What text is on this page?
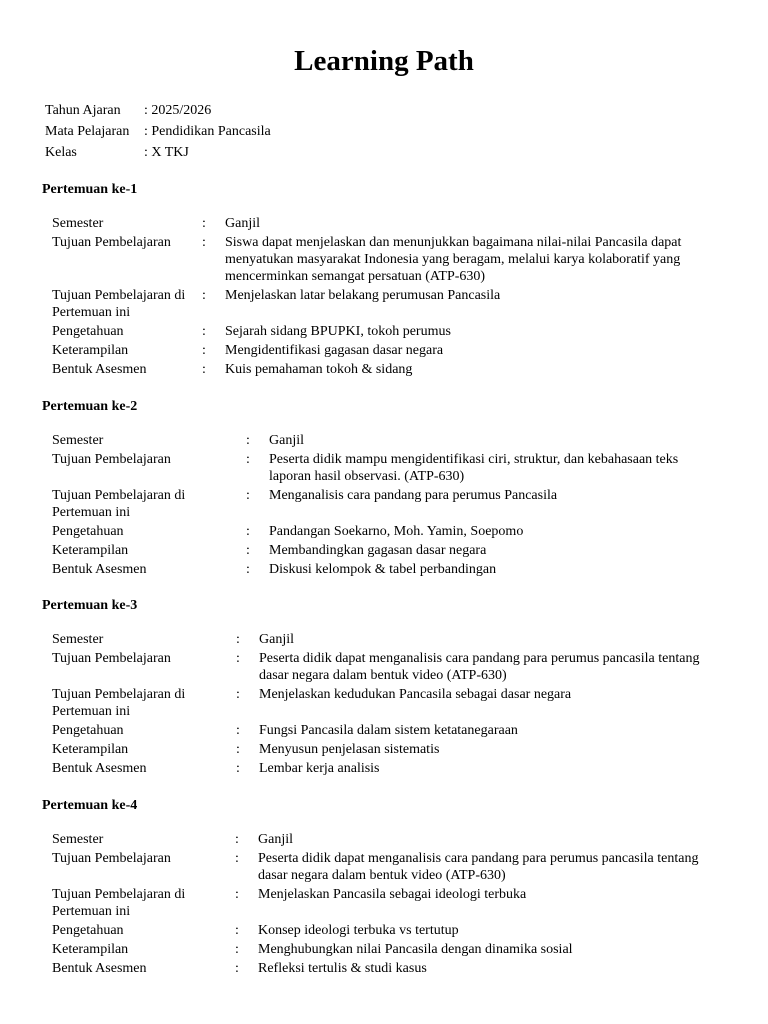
Learning Path
Tahun Ajaran	: 2025/2026
Mata Pelajaran	: Pendidikan Pancasila
Kelas	: X TKJ
Pertemuan ke-1
Semester	:	Ganjil
Tujuan Pembelajaran	:	Siswa dapat menjelaskan dan menunjukkan bagaimana nilai-nilai Pancasila dapat menyatukan masyarakat Indonesia yang beragam, melalui karya kolaboratif yang mencerminkan semangat persatuan (ATP-630)
Tujuan Pembelajaran di Pertemuan ini
:	Menjelaskan latar belakang perumusan Pancasila
Pengetahuan	:	Sejarah sidang BPUPKI, tokoh perumus
Keterampilan	:	Mengidentifikasi gagasan dasar negara
Bentuk Asesmen	:	Kuis pemahaman tokoh & sidang
Pertemuan ke-2
Semester	:	Ganjil
Tujuan Pembelajaran	:	Peserta didik mampu mengidentifikasi ciri, struktur, dan kebahasaan teks laporan hasil observasi. (ATP-630)
Tujuan Pembelajaran di Pertemuan ini
:	Menganalisis cara pandang para perumus Pancasila
Pengetahuan	:	Pandangan Soekarno, Moh. Yamin, Soepomo
Keterampilan	:	Membandingkan gagasan dasar negara
Bentuk Asesmen	:	Diskusi kelompok & tabel perbandingan
Pertemuan ke-3
Semester	:	Ganjil
Tujuan Pembelajaran	:	Peserta didik dapat menganalisis cara pandang para perumus pancasila tentang dasar negara dalam bentuk video (ATP-630)
Tujuan Pembelajaran di Pertemuan ini
:	Menjelaskan kedudukan Pancasila sebagai dasar negara
Pengetahuan	:	Fungsi Pancasila dalam sistem ketatanegaraan
Keterampilan	:	Menyusun penjelasan sistematis
Bentuk Asesmen	:	Lembar kerja analisis
Pertemuan ke-4
Semester	:	Ganjil
Tujuan Pembelajaran	:	Peserta didik dapat menganalisis cara pandang para perumus pancasila tentang dasar negara dalam bentuk video (ATP-630)
Tujuan Pembelajaran di Pertemuan ini
:	Menjelaskan Pancasila sebagai ideologi terbuka
Pengetahuan	:	Konsep ideologi terbuka vs tertutup
Keterampilan	:	Menghubungkan nilai Pancasila dengan dinamika sosial
Bentuk Asesmen	:	Refleksi tertulis & studi kasus
